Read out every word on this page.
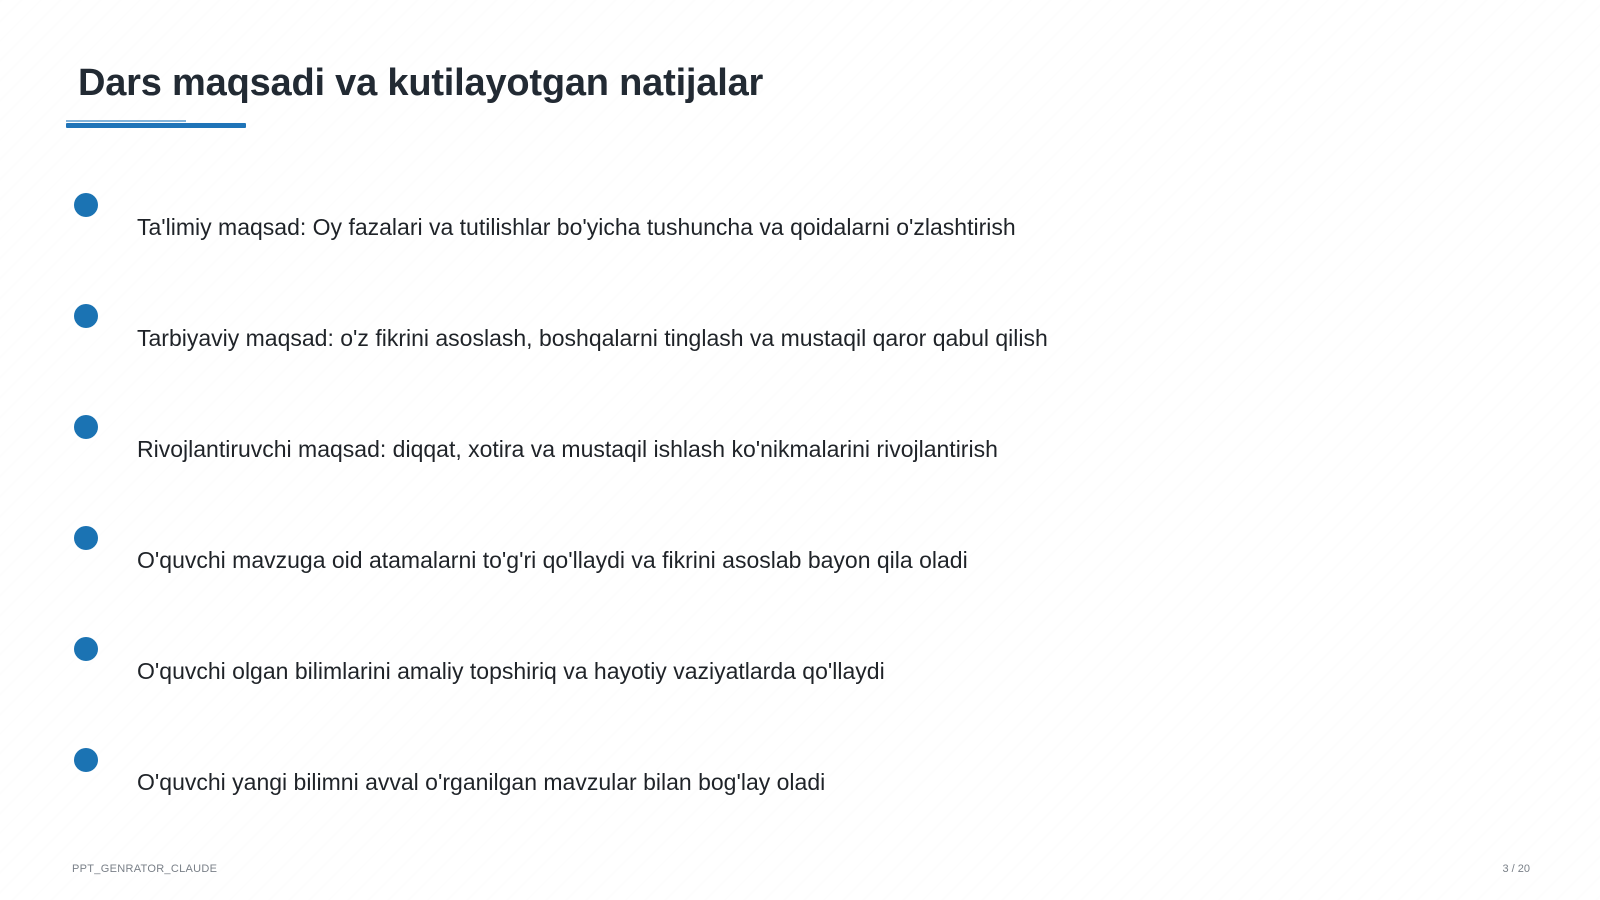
Dars maqsadi va kutilayotgan natijalar
Ta'limiy maqsad: Oy fazalari va tutilishlar bo'yicha tushuncha va qoidalarni o'zlashtirish
Tarbiyaviy maqsad: o'z fikrini asoslash, boshqalarni tinglash va mustaqil qaror qabul qilish
Rivojlantiruvchi maqsad: diqqat, xotira va mustaqil ishlash ko'nikmalarini rivojlantirish
O'quvchi mavzuga oid atamalarni to'g'ri qo'llaydi va fikrini asoslab bayon qila oladi
O'quvchi olgan bilimlarini amaliy topshiriq va hayotiy vaziyatlarda qo'llaydi
O'quvchi yangi bilimni avval o'rganilgan mavzular bilan bog'lay oladi
PPT_GENRATOR_CLAUDE	3 / 20
